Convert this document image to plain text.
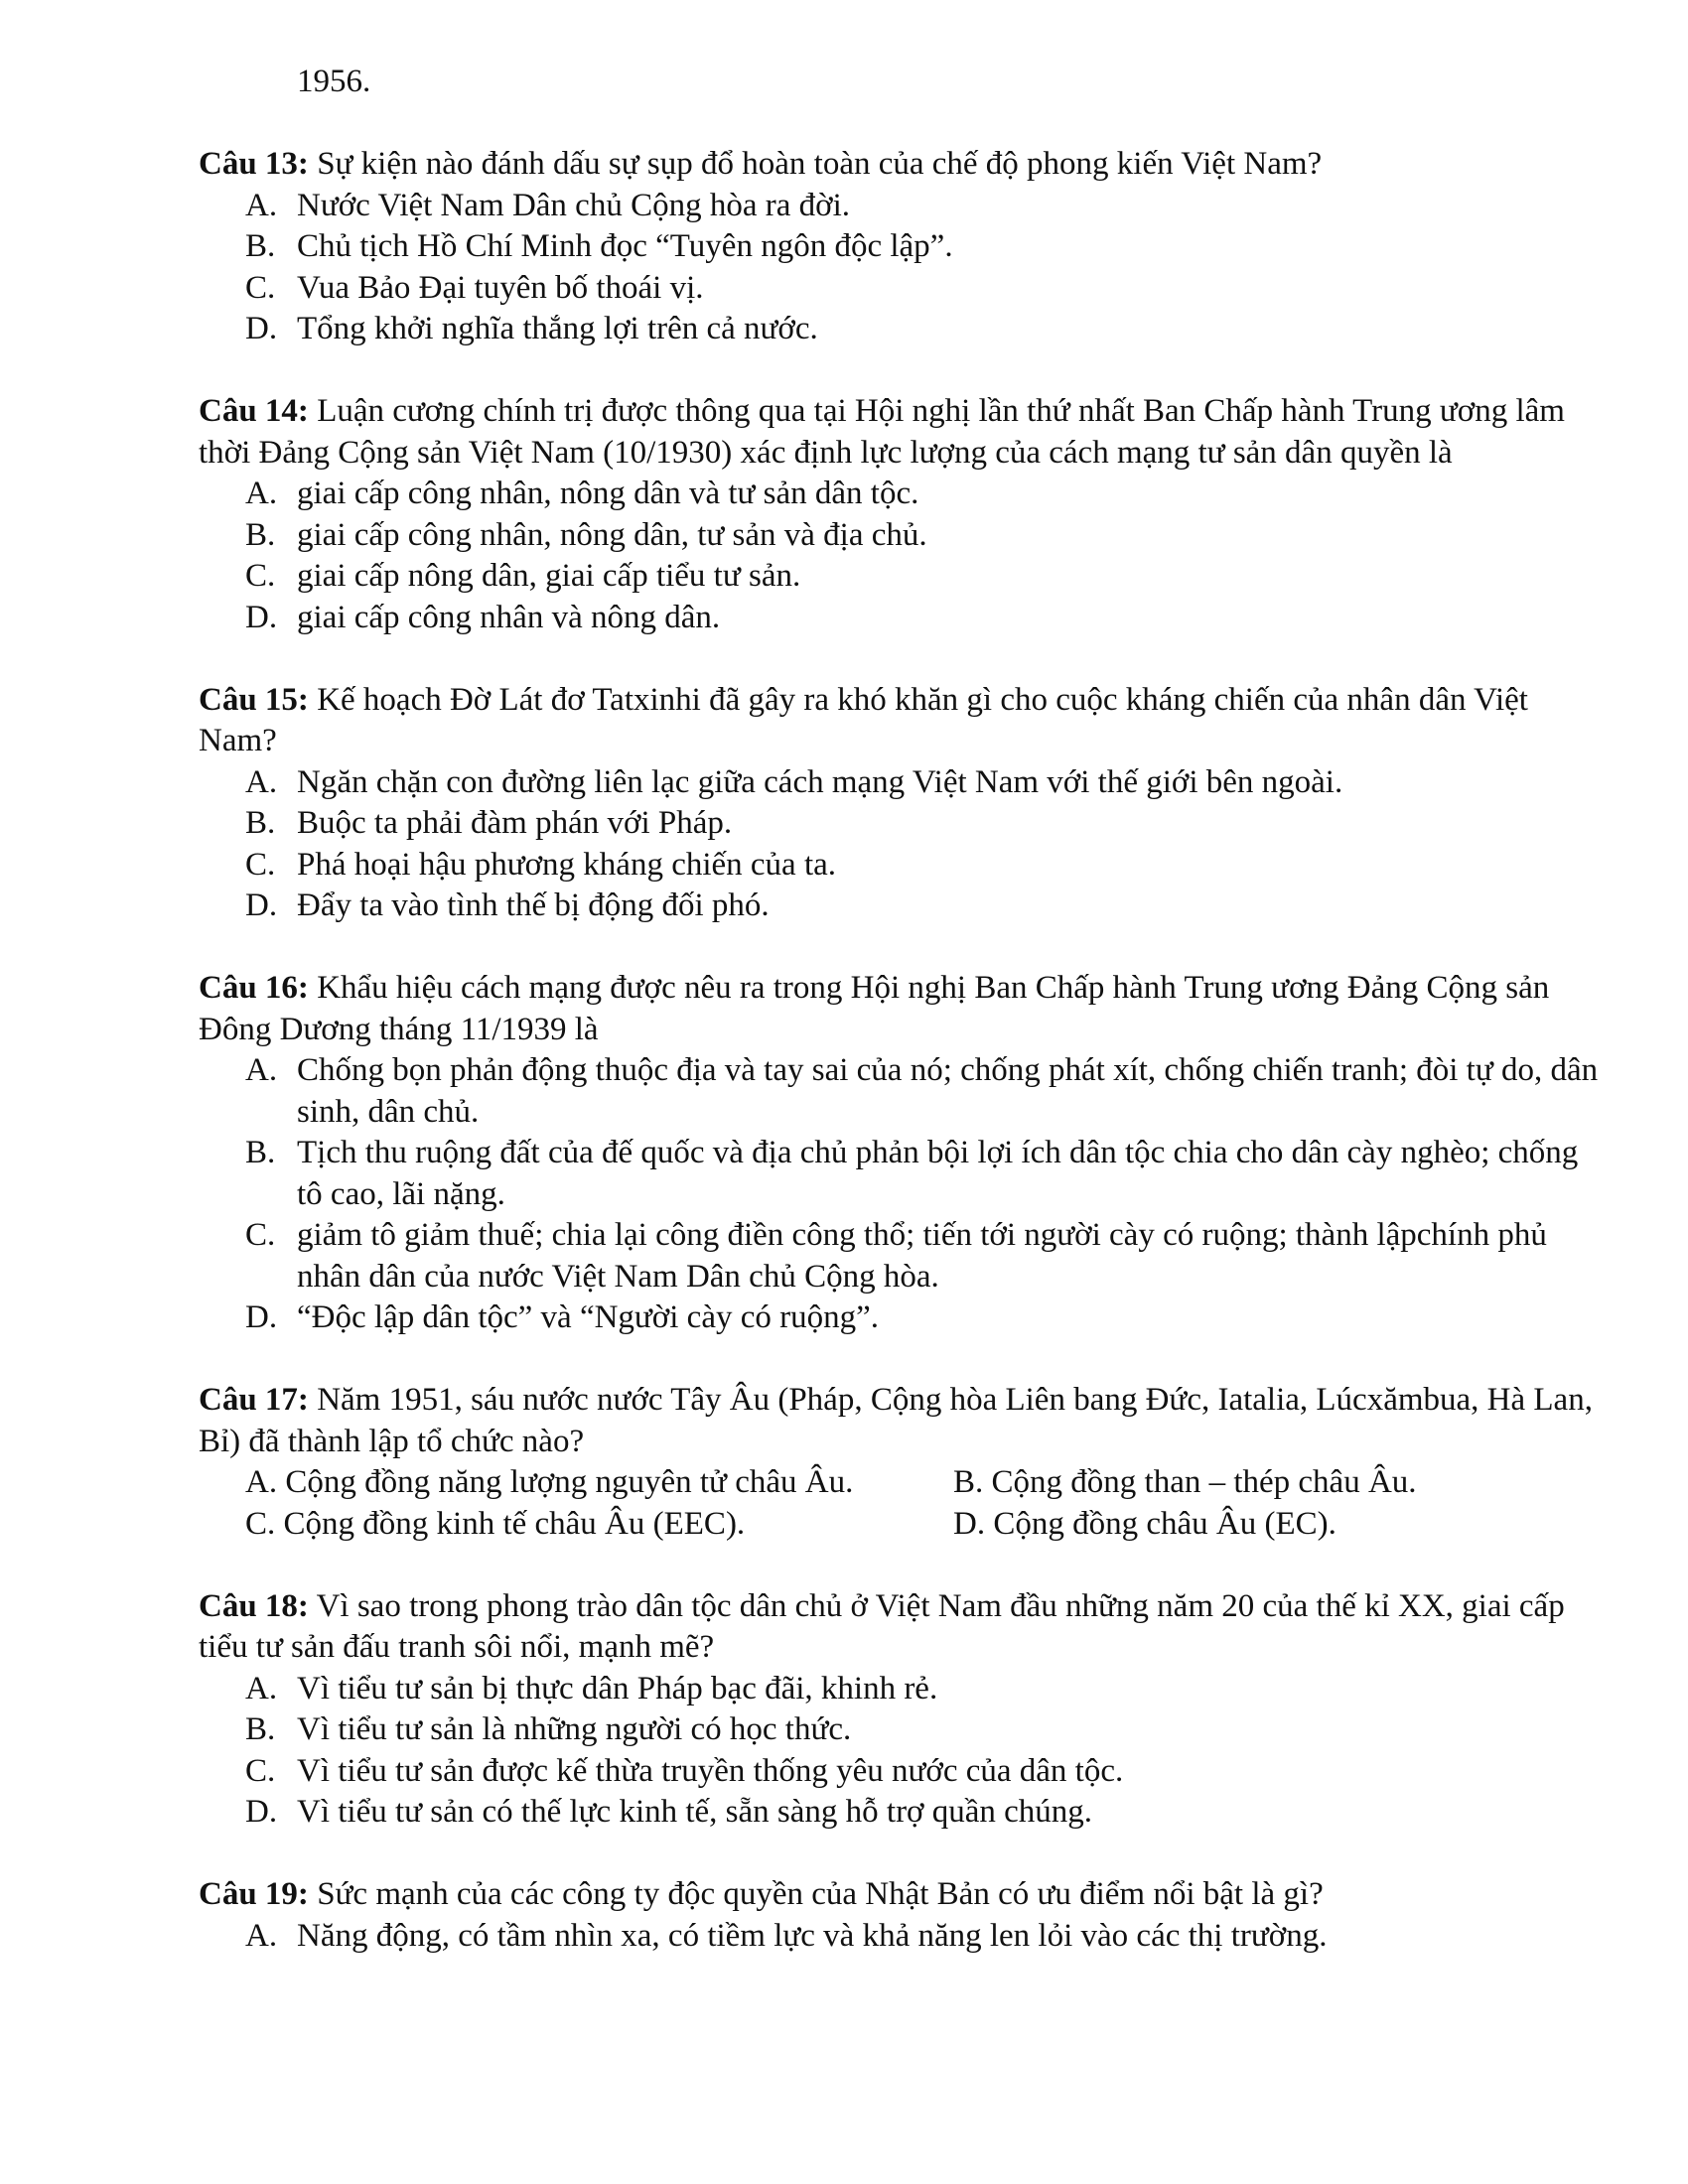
1956.

Câu 13: Sự kiện nào đánh dấu sự sụp đổ hoàn toàn của chế độ phong kiến Việt Nam?

A. Nước Việt Nam Dân chủ Cộng hòa ra đời.

B. Chủ tịch Hồ Chí Minh đọc “Tuyên ngôn độc lập”.

C. Vua Bảo Đại tuyên bố thoái vị.

D. Tổng khởi nghĩa thắng lợi trên cả nước.

Câu 14: Luận cương chính trị được thông qua tại Hội nghị lần thứ nhất Ban Chấp hành Trung ương lâm thời Đảng Cộng sản Việt Nam (10/1930) xác định lực lượng của cách mạng tư sản dân quyền là

A. giai cấp công nhân, nông dân và tư sản dân tộc.

B. giai cấp công nhân, nông dân, tư sản và địa chủ.

C. giai cấp nông dân, giai cấp tiểu tư sản.

D. giai cấp công nhân và nông dân.

Câu 15: Kế hoạch Đờ Lát đơ Tatxinhi đã gây ra khó khăn gì cho cuộc kháng chiến của nhân dân Việt Nam?

A. Ngăn chặn con đường liên lạc giữa cách mạng Việt Nam với thế giới bên ngoài.

B. Buộc ta phải đàm phán với Pháp.

C. Phá hoại hậu phương kháng chiến của ta.

D. Đẩy ta vào tình thế bị động đối phó.

Câu 16: Khẩu hiệu cách mạng được nêu ra trong Hội nghị Ban Chấp hành Trung ương Đảng Cộng sản Đông Dương tháng 11/1939 là

A. Chống bọn phản động thuộc địa và tay sai của nó; chống phát xít, chống chiến tranh; đòi tự do, dân sinh, dân chủ.

B. Tịch thu ruộng đất của đế quốc và địa chủ phản bội lợi ích dân tộc chia cho dân cày nghèo; chống tô cao, lãi nặng.

C. giảm tô giảm thuế; chia lại công điền công thổ; tiến tới người cày có ruộng; thành lậpchính phủ nhân dân của nước Việt Nam Dân chủ Cộng hòa.

D. “Độc lập dân tộc” và “Người cày có ruộng”.

Câu 17: Năm 1951, sáu nước nước Tây Âu (Pháp, Cộng hòa Liên bang Đức, Iatalia, Lúcxămbua, Hà Lan, Bỉ) đã thành lập tổ chức nào?

A. Cộng đồng năng lượng nguyên tử châu Âu.	B. Cộng đồng than – thép châu Âu.
C. Cộng đồng kinh tế châu Âu (EEC).	D. Cộng đồng châu Âu (EC).

Câu 18: Vì sao trong phong trào dân tộc dân chủ ở Việt Nam đầu những năm 20 của thế kỉ XX, giai cấp tiểu tư sản đấu tranh sôi nổi, mạnh mẽ?

A. Vì tiểu tư sản bị thực dân Pháp bạc đãi, khinh rẻ.

B. Vì tiểu tư sản là những người có học thức.

C. Vì tiểu tư sản được kế thừa truyền thống yêu nước của dân tộc.

D. Vì tiểu tư sản có thế lực kinh tế, sẵn sàng hỗ trợ quần chúng.

Câu 19: Sức mạnh của các công ty độc quyền của Nhật Bản có ưu điểm nổi bật là gì?

A. Năng động, có tầm nhìn xa, có tiềm lực và khả năng len lỏi vào các thị trường.
